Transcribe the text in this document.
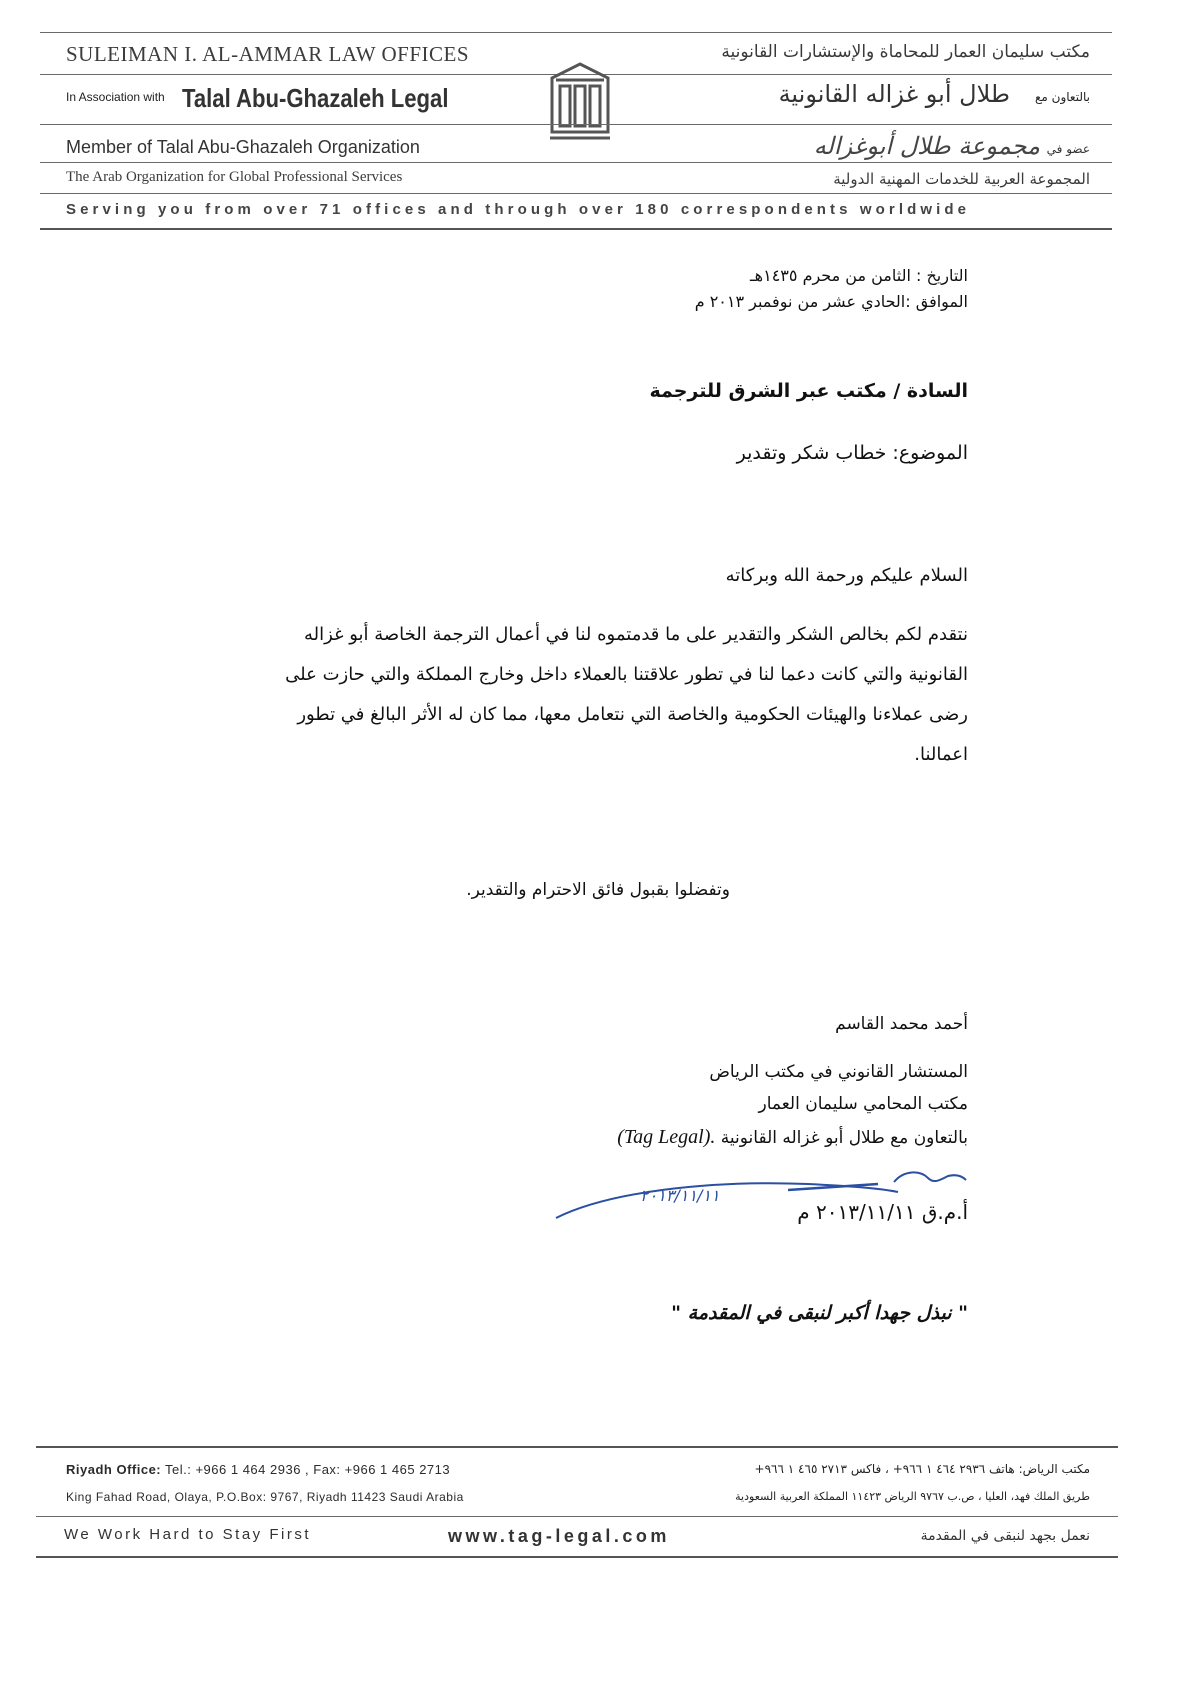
SULEIMAN I. AL-AMMAR LAW OFFICES	مكتب سليمان العمار للمحاماة والإستشارات القانونية
In Association with Talal Abu-Ghazaleh Legal	بالتعاون مع
طلال أبو غزاله القانونية
Member of Talal Abu-Ghazaleh Organization	عضو في
مجموعة طلال أبوغزاله
The Arab Organization for Global Professional Services	المجموعة العربية للخدمات المهنية الدولية
Serving you from over 71 offices and through over 180 correspondents worldwide
التاريخ : الثامن من محرم ١٤٣٥هـ
الموافق :الحادي عشر من نوفمبر ٢٠١٣ م
السادة / مكتب عبر الشرق للترجمة
الموضوع: خطاب شكر وتقدير
السلام عليكم ورحمة الله وبركاته
نتقدم لكم بخالص الشكر والتقدير على ما قدمتموه لنا في أعمال الترجمة الخاصة أبو غزاله
القانونية والتي كانت دعما لنا في تطور علاقتنا بالعملاء داخل وخارج المملكة والتي حازت على
رضى عملاءنا والهيئات الحكومية والخاصة التي نتعامل معها، مما كان له الأثر البالغ في تطور
اعمالنا.
وتفضلوا بقبول فائق الاحترام والتقدير.
أحمد محمد القاسم
المستشار القانوني في مكتب الرياض
مكتب المحامي سليمان العمار
بالتعاون مع طلال أبو غزاله القانونية (Tag Legal).
٢٠١٣/١١/١١
أ.م.ق ٢٠١٣/١١/١١ م
" نبذل جهدا أكبر لنبقى في المقدمة "
Riyadh Office: Tel.: +966 1 464 2936 , Fax: +966 1 465 2713
King Fahad Road, Olaya, P.O.Box: 9767, Riyadh 11423 Saudi Arabia
مكتب الرياض: هاتف ٢٩٣٦ ٤٦٤ ١ ٩٦٦+ ، فاكس ٢٧١٣ ٤٦٥ ١ ٩٦٦+
طريق الملك فهد، العليا ، ص.ب ٩٧٦٧ الرياض ١١٤٢٣ المملكة العربية السعودية
We Work Hard to Stay First	www.tag-legal.com	نعمل بجهد لنبقى في المقدمة
